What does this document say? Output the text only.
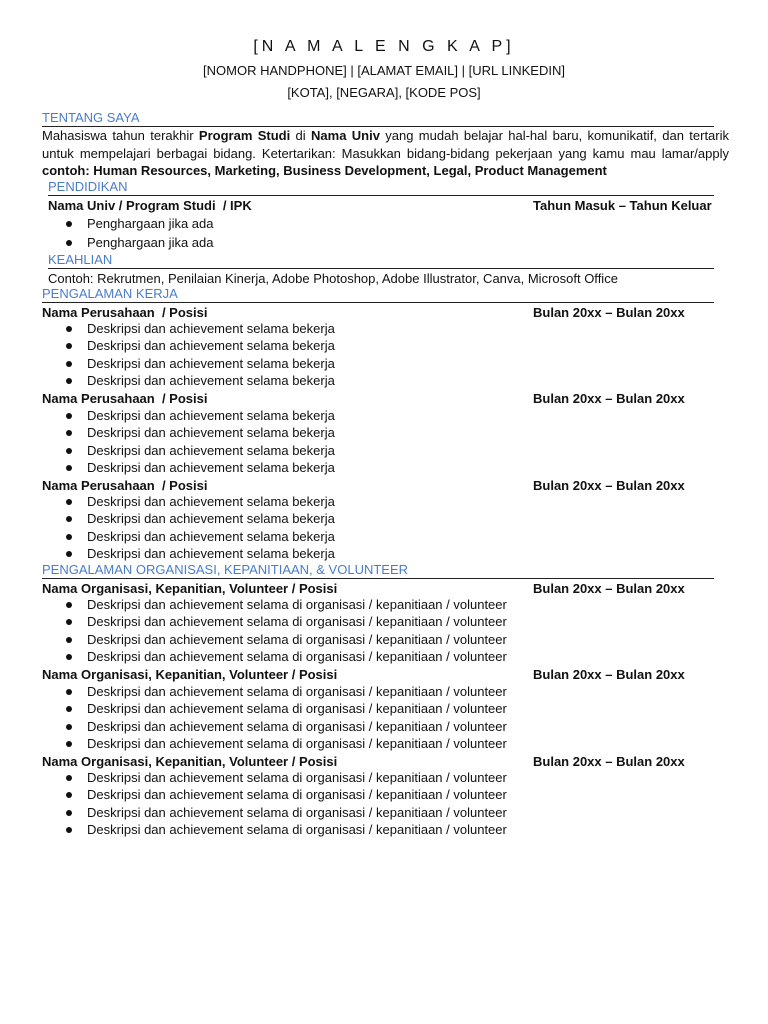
[N A M A L E N G K A P]
[NOMOR HANDPHONE] | [ALAMAT EMAIL] | [URL LINKEDIN]
[KOTA], [NEGARA], [KODE POS]
TENTANG SAYA
Mahasiswa tahun terakhir Program Studi di Nama Univ yang mudah belajar hal-hal baru, komunikatif, dan tertarik untuk mempelajari berbagai bidang. Ketertarikan: Masukkan bidang-bidang pekerjaan yang kamu mau lamar/apply contoh: Human Resources, Marketing, Business Development, Legal, Product Management
PENDIDIKAN
Nama Univ / Program Studi  / IPK	Tahun Masuk – Tahun Keluar
Penghargaan jika ada
Penghargaan jika ada
KEAHLIAN
Contoh: Rekrutmen, Penilaian Kinerja, Adobe Photoshop, Adobe Illustrator, Canva, Microsoft Office
PENGALAMAN KERJA
Nama Perusahaan  / Posisi	Bulan 20xx – Bulan 20xx
Deskripsi dan achievement selama bekerja
Deskripsi dan achievement selama bekerja
Deskripsi dan achievement selama bekerja
Deskripsi dan achievement selama bekerja
Nama Perusahaan  / Posisi	Bulan 20xx – Bulan 20xx
Deskripsi dan achievement selama bekerja
Deskripsi dan achievement selama bekerja
Deskripsi dan achievement selama bekerja
Deskripsi dan achievement selama bekerja
Nama Perusahaan  / Posisi	Bulan 20xx – Bulan 20xx
Deskripsi dan achievement selama bekerja
Deskripsi dan achievement selama bekerja
Deskripsi dan achievement selama bekerja
Deskripsi dan achievement selama bekerja
PENGALAMAN ORGANISASI, KEPANITIAAN, & VOLUNTEER
Nama Organisasi, Kepanitian, Volunteer / Posisi	Bulan 20xx – Bulan 20xx
Deskripsi dan achievement selama di organisasi / kepanitiaan / volunteer
Deskripsi dan achievement selama di organisasi / kepanitiaan / volunteer
Deskripsi dan achievement selama di organisasi / kepanitiaan / volunteer
Deskripsi dan achievement selama di organisasi / kepanitiaan / volunteer
Nama Organisasi, Kepanitian, Volunteer / Posisi	Bulan 20xx – Bulan 20xx
Deskripsi dan achievement selama di organisasi / kepanitiaan / volunteer
Deskripsi dan achievement selama di organisasi / kepanitiaan / volunteer
Deskripsi dan achievement selama di organisasi / kepanitiaan / volunteer
Deskripsi dan achievement selama di organisasi / kepanitiaan / volunteer
Nama Organisasi, Kepanitian, Volunteer / Posisi	Bulan 20xx – Bulan 20xx
Deskripsi dan achievement selama di organisasi / kepanitiaan / volunteer
Deskripsi dan achievement selama di organisasi / kepanitiaan / volunteer
Deskripsi dan achievement selama di organisasi / kepanitiaan / volunteer
Deskripsi dan achievement selama di organisasi / kepanitiaan / volunteer
